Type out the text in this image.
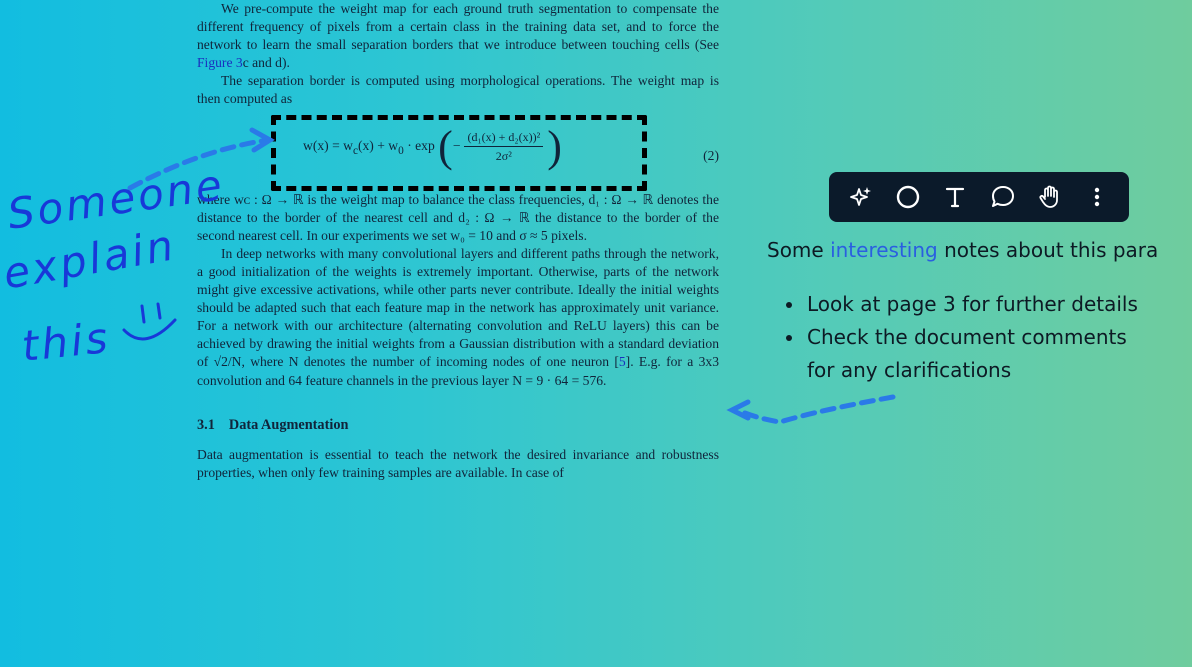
We pre-compute the weight map for each ground truth segmentation to compensate the different frequency of pixels from a certain class in the training data set, and to force the network to learn the small separation borders that we introduce between touching cells (See Figure 3c and d).

The separation border is computed using morphological operations. The weight map is then computed as

$w(x) = w_c(x) + w_0 \cdot \exp$ (− $\frac{\text{(d₁(x) + d₂(x))²}}{\text{2σ²}}$ )	(2)

where wᴄ : Ω → ℝ is the weight map to balance the class frequencies, d₁ : Ω → ℝ denotes the distance to the border of the nearest cell and d₂ : Ω → ℝ the distance to the border of the second nearest cell. In our experiments we set w₀ = 10 and σ ≈ 5 pixels.

In deep networks with many convolutional layers and different paths through the network, a good initialization of the weights is extremely important. Otherwise, parts of the network might give excessive activations, while other parts never contribute. Ideally the initial weights should be adapted such that each feature map in the network has approximately unit variance. For a network with our architecture (alternating convolution and ReLU layers) this can be achieved by drawing the initial weights from a Gaussian distribution with a standard deviation of √2/N, where N denotes the number of incoming nodes of one neuron [5]. E.g. for a 3x3 convolution and 64 feature channels in the previous layer N = 9 · 64 = 576.

3.1 Data Augmentation

Data augmentation is essential to teach the network the desired invariance and robustness properties, when only few training samples are available. In case of

Someone
explain
this
Some interesting notes about this para
• Look at page 3 for further details
• Check the document comments for any clarifications
